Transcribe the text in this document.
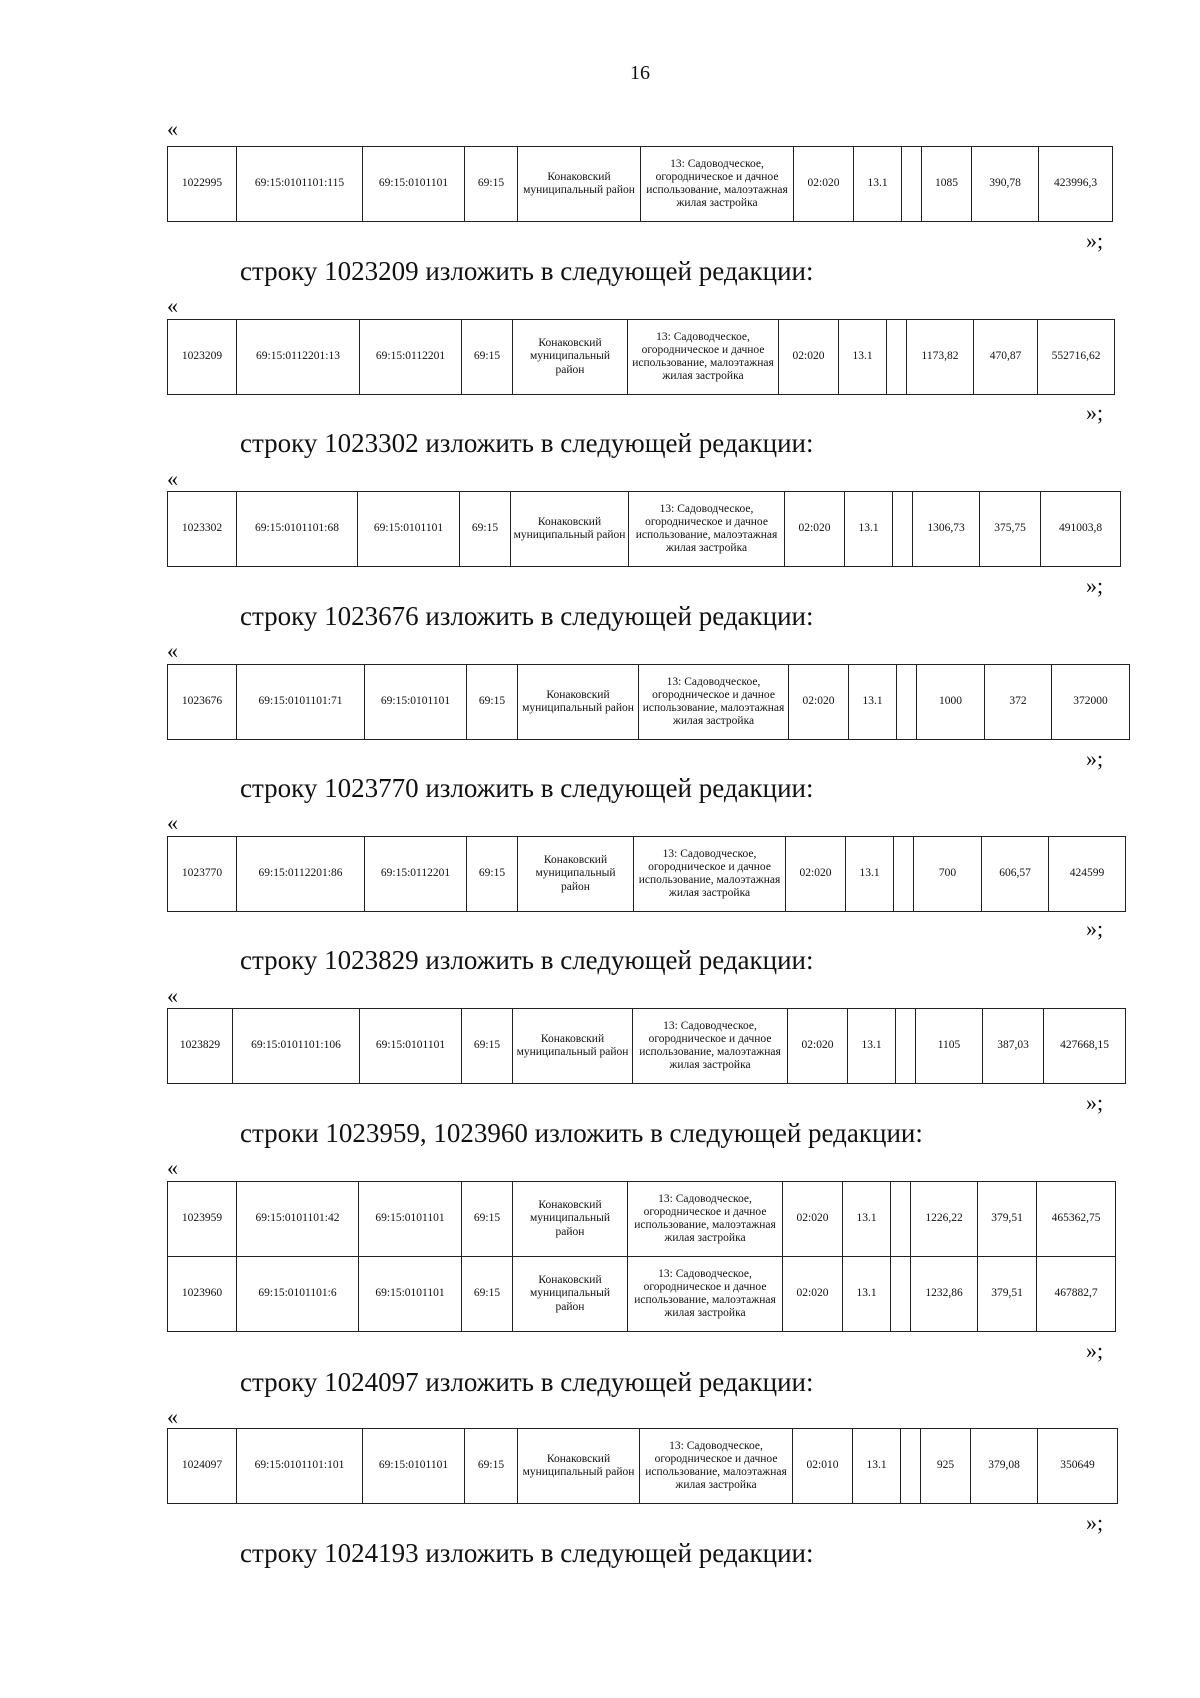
16
«
1022995	69:15:0101101:115	69:15:0101101	69:15	Конаковский муниципальный район	13: Садоводческое, огородническое и дачное использование, малоэтажная жилая застройка	02:020	13.1		1085	390,78	423996,3
»;
строку 1023209 изложить в следующей редакции:
«
1023209	69:15:0112201:13	69:15:0112201	69:15	Конаковский муниципальный район	13: Садоводческое, огородническое и дачное использование, малоэтажная жилая застройка	02:020	13.1		1173,82	470,87	552716,62
»;
строку 1023302 изложить в следующей редакции:
«
1023302	69:15:0101101:68	69:15:0101101	69:15	Конаковский муниципальный район	13: Садоводческое, огородническое и дачное использование, малоэтажная жилая застройка	02:020	13.1		1306,73	375,75	491003,8
»;
строку 1023676 изложить в следующей редакции:
«
1023676	69:15:0101101:71	69:15:0101101	69:15	Конаковский муниципальный район	13: Садоводческое, огородническое и дачное использование, малоэтажная жилая застройка	02:020	13.1		1000	372	372000
»;
строку 1023770 изложить в следующей редакции:
«
1023770	69:15:0112201:86	69:15:0112201	69:15	Конаковский муниципальный район	13: Садоводческое, огородническое и дачное использование, малоэтажная жилая застройка	02:020	13.1		700	606,57	424599
»;
строку 1023829 изложить в следующей редакции:
«
1023829	69:15:0101101:106	69:15:0101101	69:15	Конаковский муниципальный район	13: Садоводческое, огородническое и дачное использование, малоэтажная жилая застройка	02:020	13.1		1105	387,03	427668,15
»;
строки 1023959, 1023960 изложить в следующей редакции:
«
1023959	69:15:0101101:42	69:15:0101101	69:15	Конаковский муниципальный район	13: Садоводческое, огородническое и дачное использование, малоэтажная жилая застройка	02:020	13.1		1226,22	379,51	465362,75
1023960	69:15:0101101:6	69:15:0101101	69:15	Конаковский муниципальный район	13: Садоводческое, огородническое и дачное использование, малоэтажная жилая застройка	02:020	13.1		1232,86	379,51	467882,7
»;
строку 1024097 изложить в следующей редакции:
«
1024097	69:15:0101101:101	69:15:0101101	69:15	Конаковский муниципальный район	13: Садоводческое, огородническое и дачное использование, малоэтажная жилая застройка	02:010	13.1		925	379,08	350649
»;
строку 1024193 изложить в следующей редакции:
